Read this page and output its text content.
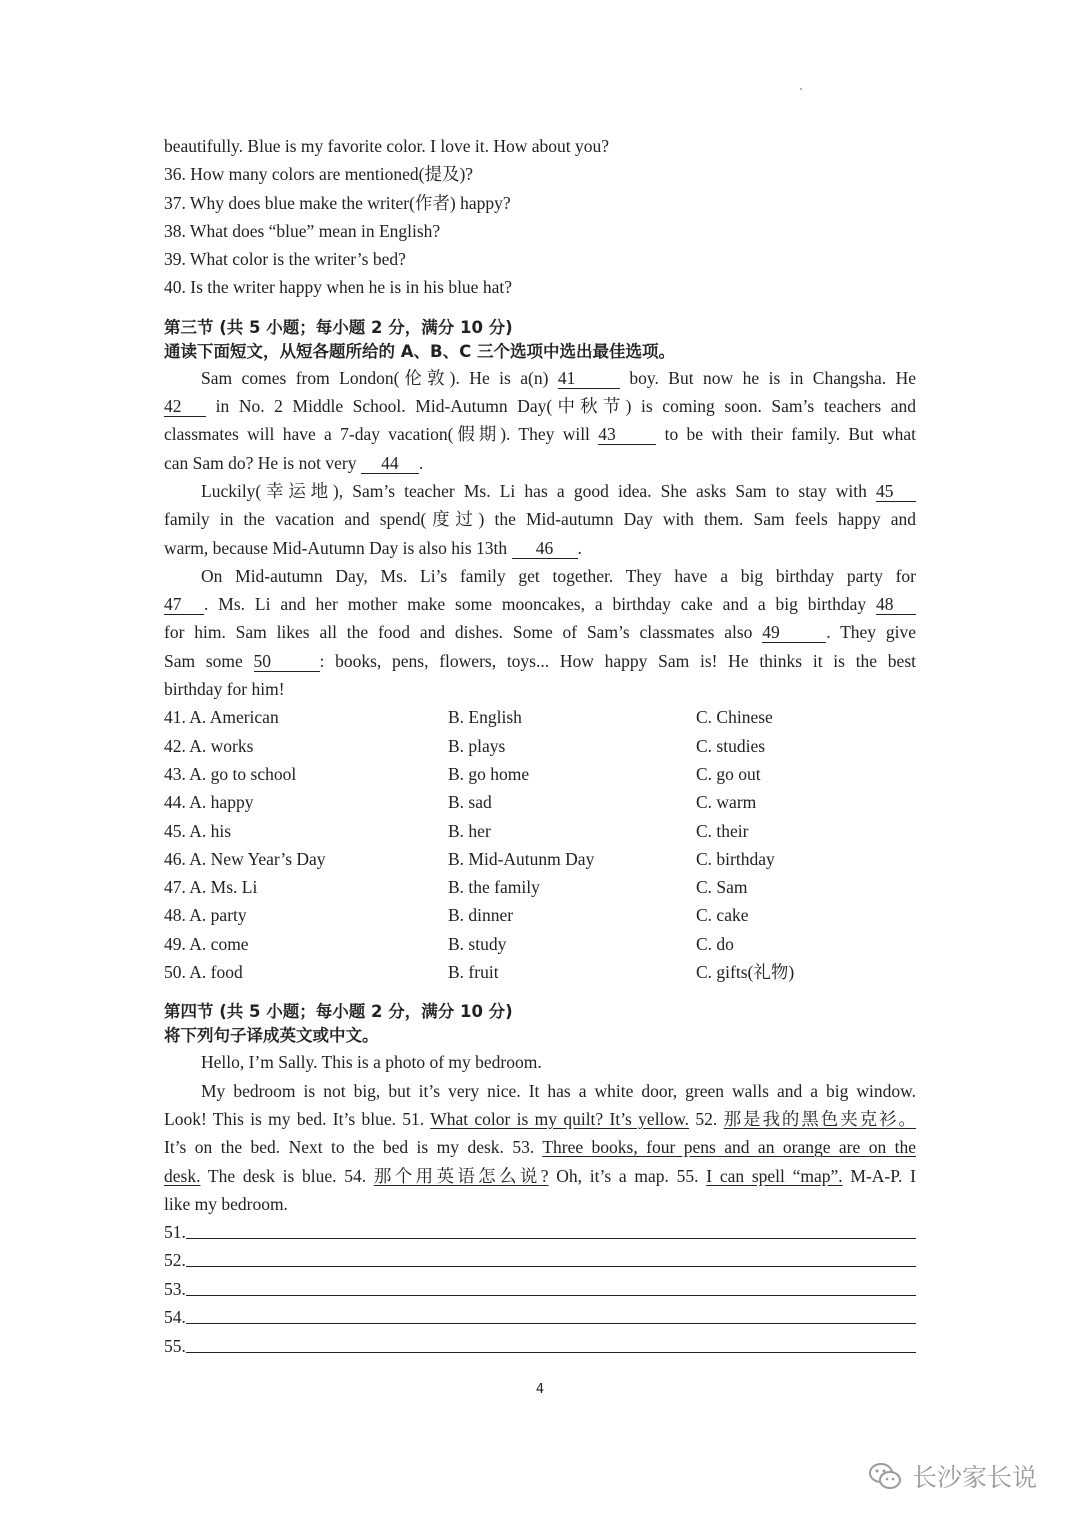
beautifully. Blue is my favorite color. I love it. How about you?
36. How many colors are mentioned(提及)?
37. Why does blue make the writer(作者) happy?
38. What does “blue” mean in English?
39. What color is the writer’s bed?
40. Is the writer happy when he is in his blue hat?
第三节 (共 5 小题；每小题 2 分，满分 10 分)
通读下面短文，从短各题所给的 A、B、C 三个选项中选出最佳选项。
Sam comes from London(伦敦). He is a(n) 41	boy. But now he is in Changsha. He
42 in No. 2 Middle School. Mid-Autumn Day(中秋节) is coming soon. Sam’s teachers and
classmates will have a 7-day vacation(假期). They will 43	to be with their family. But what
can Sam do? He is not very 44 .
Luckily(幸运地), Sam’s teacher Ms. Li has a good idea. She asks Sam to stay with 45
family in the vacation and spend(度过) the Mid-autumn Day with them. Sam feels happy and
warm, because Mid-Autumn Day is also his 13th 46 .
On Mid-autumn Day, Ms. Li’s family get together. They have a big birthday party for
47 . Ms. Li and her mother make some mooncakes, a birthday cake and a big birthday 48
for him. Sam likes all the food and dishes. Some of Sam’s classmates also 49	. They give
Sam some 50	: books, pens, flowers, toys... How happy Sam is! He thinks it is the best
birthday for him!
41. A. American	B. English	C. Chinese
42. A. works	B. plays	C. studies
43. A. go to school	B. go home	C. go out
44. A. happy	B. sad	C. warm
45. A. his	B. her	C. their
46. A. New Year’s Day	B. Mid-Autunm Day	C. birthday
47. A. Ms. Li	B. the family	C. Sam
48. A. party	B. dinner	C. cake
49. A. come	B. study	C. do
50. A. food	B. fruit	C. gifts(礼物)
第四节 (共 5 小题；每小题 2 分，满分 10 分)
将下列句子译成英文或中文。
Hello, I’m Sally. This is a photo of my bedroom.
My bedroom is not big, but it’s very nice. It has a white door, green walls and a big window.
Look! This is my bed. It’s blue. 51. What color is my quilt? It’s yellow. 52. 那是我的黑色夹克衫。
It’s on the bed. Next to the bed is my desk. 53. Three books, four pens and an orange are on the
desk. The desk is blue. 54. 那个用英语怎么说? Oh, it’s a map. 55. I can spell “map”. M-A-P. I
like my bedroom.
51.
52.
53.
54.
55.
4
长沙家长说
